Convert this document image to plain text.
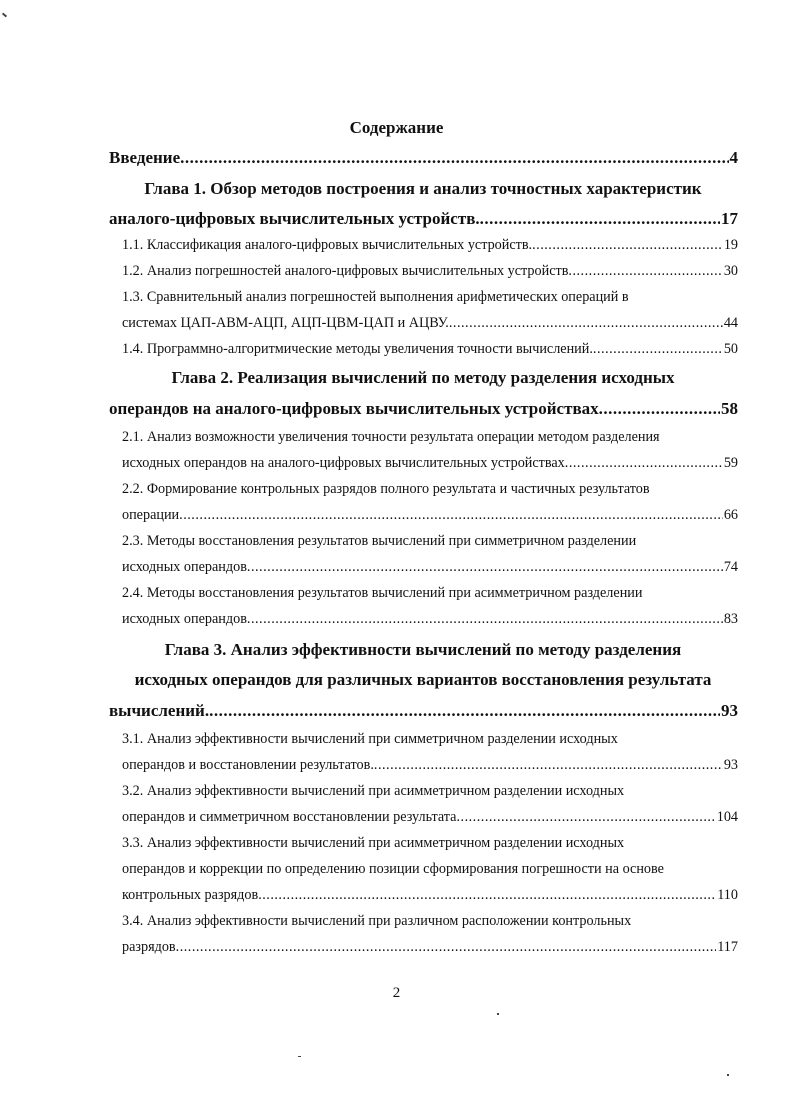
Содержание
Введение .....	4
Глава 1. Обзор методов построения и анализ точностных характеристик
аналого-цифровых вычислительных устройств. .....	17
1.1. Классификация аналого-цифровых вычислительных устройств. .....	19
1.2. Анализ погрешностей аналого-цифровых вычислительных устройств .....	30
1.3. Сравнительный анализ погрешностей выполнения арифметических операций в
системах ЦАП-АВМ-АЦП, АЦП-ЦВМ-ЦАП и АЦВУ. .....	44
1.4. Программно-алгоритмические методы увеличения точности вычислений. .....	50
Глава 2. Реализация вычислений по методу разделения исходных
операндов на аналого-цифровых вычислительных устройствах .....	58
2.1. Анализ возможности увеличения точности результата операции методом разделения
исходных операндов на аналого-цифровых вычислительных устройствах .....	59
2.2. Формирование контрольных разрядов полного результата и частичных результатов
операции .....	66
2.3. Методы восстановления результатов вычислений при симметричном разделении
исходных операндов .....	74
2.4. Методы восстановления результатов вычислений при асимметричном разделении
исходных операндов .....	83
Глава 3. Анализ эффективности вычислений по методу разделения
исходных операндов для различных вариантов восстановления результата
вычислений. .....	93
3.1. Анализ эффективности вычислений при симметричном разделении исходных
операндов и восстановлении результатов. .....	93
3.2. Анализ эффективности вычислений при асимметричном разделении исходных
операндов и симметричном восстановлении результата .....	104
3.3. Анализ эффективности вычислений при асимметричном разделении исходных
операндов и коррекции по определению позиции сформирования погрешности на основе
контрольных разрядов .....	110
3.4. Анализ эффективности вычислений при различном расположении контрольных
разрядов .....	117
2
